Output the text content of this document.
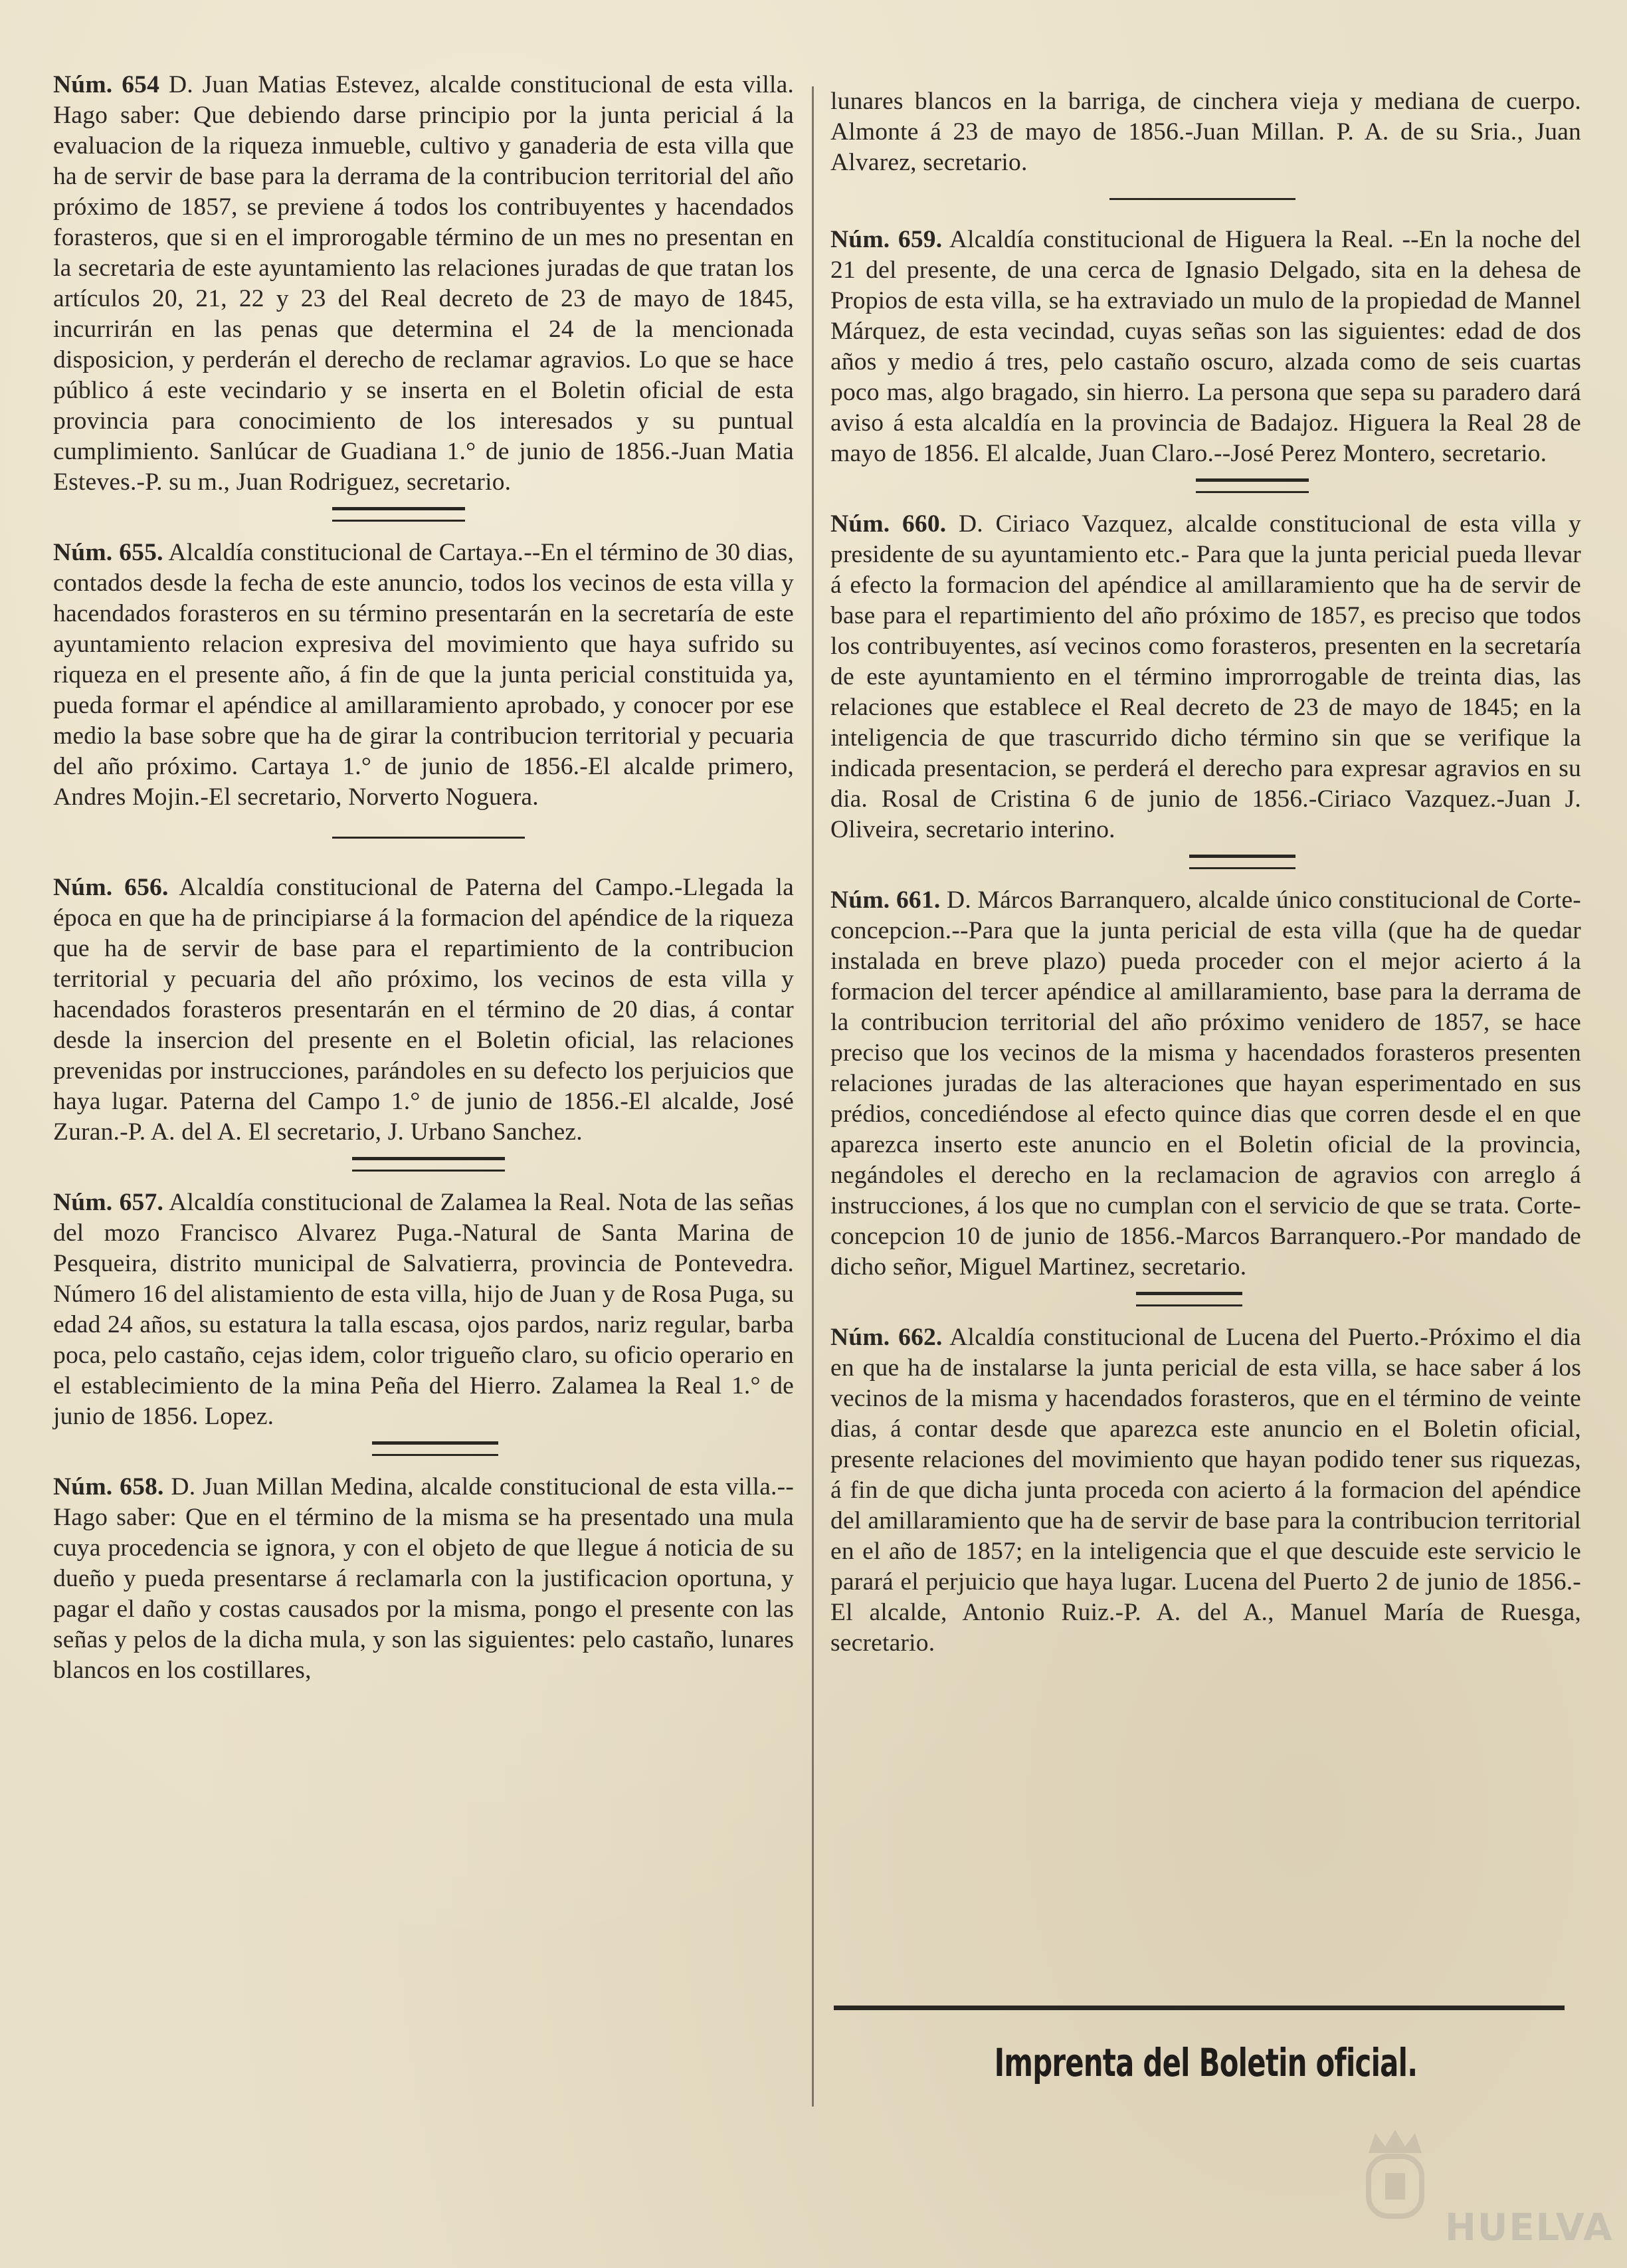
Núm. 654 D. Juan Matias Estevez, alcalde constitucional de esta villa. Hago saber: Que debiendo darse principio por la junta pericial á la evaluacion de la riqueza inmueble, cultivo y ganaderia de esta villa que ha de servir de base para la derrama de la contribucion territorial del año próximo de 1857, se previene á todos los contribuyentes y hacendados forasteros, que si en el improrogable término de un mes no presentan en la secretaria de este ayuntamiento las relaciones juradas de que tratan los artículos 20, 21, 22 y 23 del Real decreto de 23 de mayo de 1845, incurrirán en las penas que determina el 24 de la mencionada disposicion, y perderán el derecho de reclamar agravios. Lo que se hace público á este vecindario y se inserta en el Boletin oficial de esta provincia para conocimiento de los interesados y su puntual cumplimiento. Sanlúcar de Guadiana 1.° de junio de 1856.-Juan Matia Esteves.-P. su m., Juan Rodriguez, secretario.

Núm. 655. Alcaldía constitucional de Cartaya.--En el término de 30 dias, contados desde la fecha de este anuncio, todos los vecinos de esta villa y hacendados forasteros en su término presentarán en la secretaría de este ayuntamiento relacion expresiva del movimiento que haya sufrido su riqueza en el presente año, á fin de que la junta pericial constituida ya, pueda formar el apéndice al amillaramiento aprobado, y conocer por ese medio la base sobre que ha de girar la contribucion territorial y pecuaria del año próximo. Cartaya 1.° de junio de 1856.-El alcalde primero, Andres Mojin.-El secretario, Norverto Noguera.

Núm. 656. Alcaldía constitucional de Paterna del Campo.-Llegada la época en que ha de principiarse á la formacion del apéndice de la riqueza que ha de servir de base para el repartimiento de la contribucion territorial y pecuaria del año próximo, los vecinos de esta villa y hacendados forasteros presentarán en el término de 20 dias, á contar desde la insercion del presente en el Boletin oficial, las relaciones prevenidas por instrucciones, parándoles en su defecto los perjuicios que haya lugar. Paterna del Campo 1.° de junio de 1856.-El alcalde, José Zuran.-P. A. del A. El secretario, J. Urbano Sanchez.

Núm. 657. Alcaldía constitucional de Zalamea la Real. Nota de las señas del mozo Francisco Alvarez Puga.-Natural de Santa Marina de Pesqueira, distrito municipal de Salvatierra, provincia de Pontevedra. Número 16 del alistamiento de esta villa, hijo de Juan y de Rosa Puga, su edad 24 años, su estatura la talla escasa, ojos pardos, nariz regular, barba poca, pelo castaño, cejas idem, color trigueño claro, su oficio operario en el establecimiento de la mina Peña del Hierro. Zalamea la Real 1.° de junio de 1856. Lopez.

Núm. 658. D. Juan Millan Medina, alcalde constitucional de esta villa.--Hago saber: Que en el término de la misma se ha presentado una mula cuya procedencia se ignora, y con el objeto de que llegue á noticia de su dueño y pueda presentarse á reclamarla con la justificacion oportuna, y pagar el daño y costas causados por la misma, pongo el presente con las señas y pelos de la dicha mula, y son las siguientes: pelo castaño, lunares blancos en los costillares,

lunares blancos en la barriga, de cinchera vieja y mediana de cuerpo. Almonte á 23 de mayo de 1856.-Juan Millan. P. A. de su Sria., Juan Alvarez, secretario.

Núm. 659. Alcaldía constitucional de Higuera la Real. --En la noche del 21 del presente, de una cerca de Ignasio Delgado, sita en la dehesa de Propios de esta villa, se ha extraviado un mulo de la propiedad de Mannel Márquez, de esta vecindad, cuyas señas son las siguientes: edad de dos años y medio á tres, pelo castaño oscuro, alzada como de seis cuartas poco mas, algo bragado, sin hierro. La persona que sepa su paradero dará aviso á esta alcaldía en la provincia de Badajoz. Higuera la Real 28 de mayo de 1856. El alcalde, Juan Claro.--José Perez Montero, secretario.

Núm. 660. D. Ciriaco Vazquez, alcalde constitucional de esta villa y presidente de su ayuntamiento etc.- Para que la junta pericial pueda llevar á efecto la formacion del apéndice al amillaramiento que ha de servir de base para el repartimiento del año próximo de 1857, es preciso que todos los contribuyentes, así vecinos como forasteros, presenten en la secretaría de este ayuntamiento en el término improrrogable de treinta dias, las relaciones que establece el Real decreto de 23 de mayo de 1845; en la inteligencia de que trascurrido dicho término sin que se verifique la indicada presentacion, se perderá el derecho para expresar agravios en su dia. Rosal de Cristina 6 de junio de 1856.-Ciriaco Vazquez.-Juan J. Oliveira, secretario interino.

Núm. 661. D. Márcos Barranquero, alcalde único constitucional de Corte-concepcion.--Para que la junta pericial de esta villa (que ha de quedar instalada en breve plazo) pueda proceder con el mejor acierto á la formacion del tercer apéndice al amillaramiento, base para la derrama de la contribucion territorial del año próximo venidero de 1857, se hace preciso que los vecinos de la misma y hacendados forasteros presenten relaciones juradas de las alteraciones que hayan esperimentado en sus prédios, concediéndose al efecto quince dias que corren desde el en que aparezca inserto este anuncio en el Boletin oficial de la provincia, negándoles el derecho en la reclamacion de agravios con arreglo á instrucciones, á los que no cumplan con el servicio de que se trata. Corte-concepcion 10 de junio de 1856.-Marcos Barranquero.-Por mandado de dicho señor, Miguel Martinez, secretario.

Núm. 662. Alcaldía constitucional de Lucena del Puerto.-Próximo el dia en que ha de instalarse la junta pericial de esta villa, se hace saber á los vecinos de la misma y hacendados forasteros, que en el término de veinte dias, á contar desde que aparezca este anuncio en el Boletin oficial, presente relaciones del movimiento que hayan podido tener sus riquezas, á fin de que dicha junta proceda con acierto á la formacion del apéndice del amillaramiento que ha de servir de base para la contribucion territorial en el año de 1857; en la inteligencia que el que descuide este servicio le parará el perjuicio que haya lugar. Lucena del Puerto 2 de junio de 1856.-El alcalde, Antonio Ruiz.-P. A. del A., Manuel María de Ruesga, secretario.

Imprenta del Boletin oficial.
HUELVA
